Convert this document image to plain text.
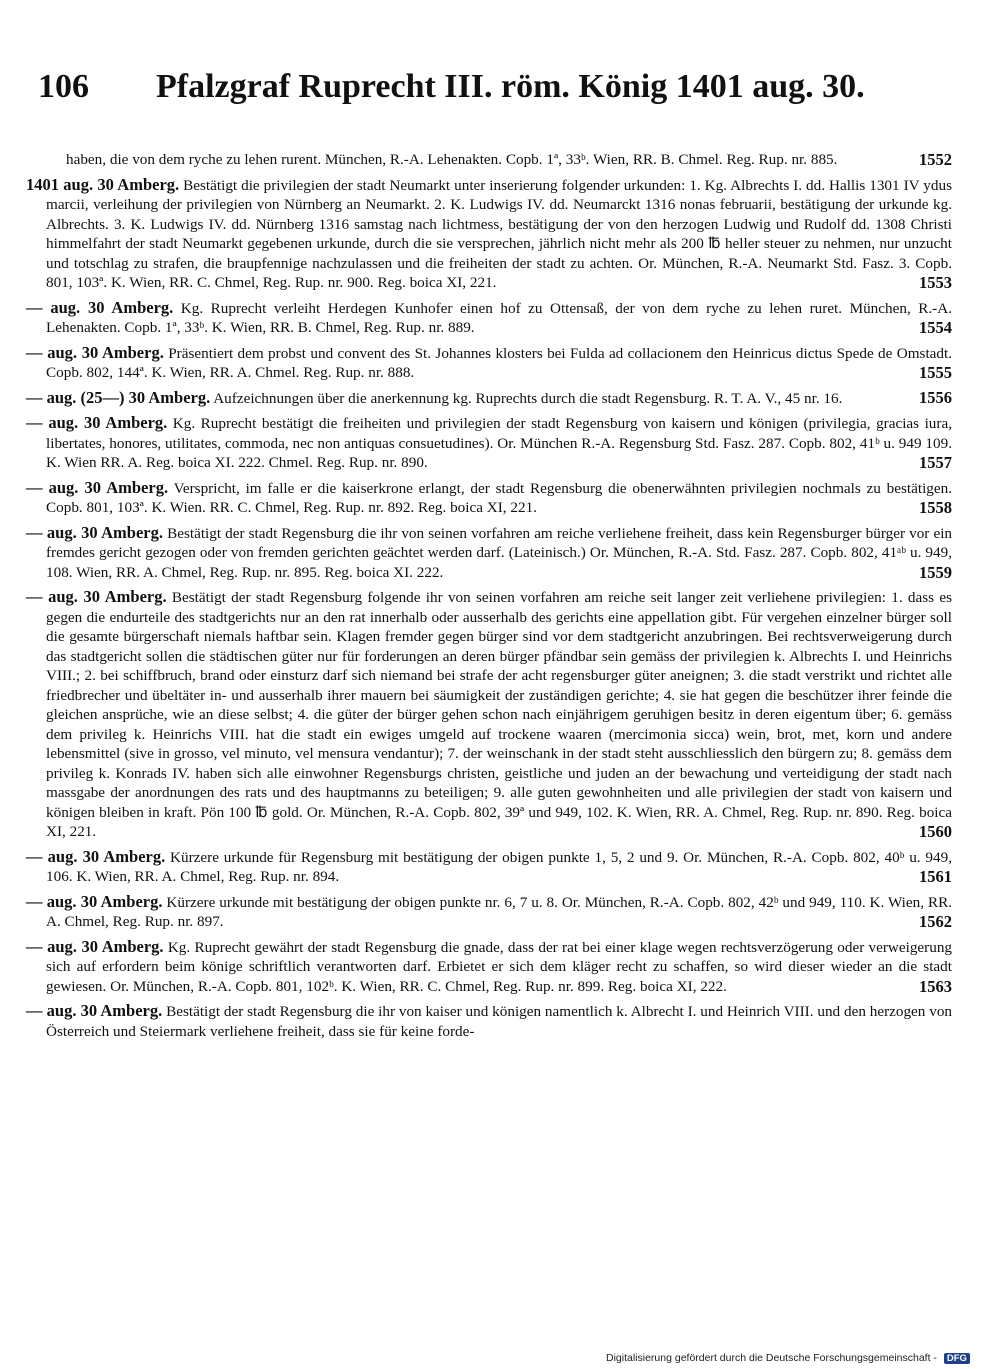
106 Pfalzgraf Ruprecht III. röm. König 1401 aug. 30.
1552
haben, die von dem ryche zu lehen rurent. München, R.-A. Lehenakten. Copb. 1ª, 33ᵇ. Wien, RR. B. Chmel. Reg. Rup. nr. 885.
1401 aug. 30 Amberg. Bestätigt die privilegien der stadt Neumarkt unter inserierung folgender urkunden: 1. Kg. Albrechts I. dd. Hallis 1301 IV ydus marcii, verleihung der privilegien von Nürnberg an Neumarkt. 2. K. Ludwigs IV. dd. Neumarckt 1316 nonas februarii, bestätigung der urkunde kg. Albrechts. 3. K. Ludwigs IV. dd. Nürnberg 1316 samstag nach lichtmess, bestätigung der von den herzogen Ludwig und Rudolf dd. 1308 Christi himmelfahrt der stadt Neumarkt gegebenen urkunde, durch die sie versprechen, jährlich nicht mehr als 200 ℔ heller steuer zu nehmen, nur unzucht und totschlag zu strafen, die braupfennige nachzulassen und die freiheiten der stadt zu achten. Or. München, R.-A. Neumarkt Std. Fasz. 3. Copb. 801, 103ª. K. Wien, RR. C. Chmel, Reg. Rup. nr. 900. Reg. boica XI, 221.	1553
— aug. 30 Amberg. Kg. Ruprecht verleiht Herdegen Kunhofer einen hof zu Ottensaß, der von dem ryche zu lehen ruret. München, R.-A. Lehenakten. Copb. 1ª, 33ᵇ. K. Wien, RR. B. Chmel, Reg. Rup. nr. 889.	1554
— aug. 30 Amberg. Präsentiert dem probst und convent des St. Johannes klosters bei Fulda ad collacionem den Heinricus dictus Spede de Omstadt. Copb. 802, 144ª. K. Wien, RR. A. Chmel. Reg. Rup. nr. 888.	1555
— aug. (25—) 30 Amberg. Aufzeichnungen über die anerkennung kg. Ruprechts durch die stadt Regensburg. R. T. A. V., 45 nr. 16.	1556
— aug. 30 Amberg. Kg. Ruprecht bestätigt die freiheiten und privilegien der stadt Regensburg von kaisern und königen (privilegia, gracias iura, libertates, honores, utilitates, commoda, nec non antiquas consuetudines). Or. München R.-A. Regensburg Std. Fasz. 287. Copb. 802, 41ᵇ u. 949 109. K. Wien RR. A. Reg. boica XI. 222. Chmel. Reg. Rup. nr. 890.	1557
— aug. 30 Amberg. Verspricht, im falle er die kaiserkrone erlangt, der stadt Regensburg die obenerwähnten privilegien nochmals zu bestätigen. Copb. 801, 103ª. K. Wien. RR. C. Chmel, Reg. Rup. nr. 892. Reg. boica XI, 221.	1558
— aug. 30 Amberg. Bestätigt der stadt Regensburg die ihr von seinen vorfahren am reiche verliehene freiheit, dass kein Regensburger bürger vor ein fremdes gericht gezogen oder von fremden gerichten geächtet werden darf. (Lateinisch.) Or. München, R.-A. Std. Fasz. 287. Copb. 802, 41ᵃᵇ u. 949, 108. Wien, RR. A. Chmel, Reg. Rup. nr. 895. Reg. boica XI. 222.	1559
— aug. 30 Amberg. Bestätigt der stadt Regensburg folgende ihr von seinen vorfahren am reiche seit langer zeit verliehene privilegien: 1. dass es gegen die endurteile des stadtgerichts nur an den rat innerhalb oder ausserhalb des gerichts eine appellation gibt. Für vergehen einzelner bürger soll die gesamte bürgerschaft niemals haftbar sein. Klagen fremder gegen bürger sind vor dem stadtgericht anzubringen. Bei rechtsverweigerung durch das stadtgericht sollen die städtischen güter nur für forderungen an deren bürger pfändbar sein gemäss der privilegien k. Albrechts I. und Heinrichs VIII.; 2. bei schiffbruch, brand oder einsturz darf sich niemand bei strafe der acht regensburger güter aneignen; 3. die stadt verstrikt und richtet alle friedbrecher und übeltäter in- und ausserhalb ihrer mauern bei säumigkeit der zuständigen gerichte; 4. sie hat gegen die beschützer ihrer feinde die gleichen ansprüche, wie an diese selbst; 4. die güter der bürger gehen schon nach einjährigem geruhigen besitz in deren eigentum über; 6. gemäss dem privileg k. Heinrichs VIII. hat die stadt ein ewiges umgeld auf trockene waaren (mercimonia sicca) wein, brot, met, korn und andere lebensmittel (sive in grosso, vel minuto, vel mensura vendantur); 7. der weinschank in der stadt steht ausschliesslich den bürgern zu; 8. gemäss dem privileg k. Konrads IV. haben sich alle einwohner Regensburgs christen, geistliche und juden an der bewachung und verteidigung der stadt nach massgabe der anordnungen des rats und des hauptmanns zu beteiligen; 9. alle guten gewohnheiten und alle privilegien der stadt von kaisern und königen bleiben in kraft. Pön 100 ℔ gold. Or. München, R.-A. Copb. 802, 39ª und 949, 102. K. Wien, RR. A. Chmel, Reg. Rup. nr. 890. Reg. boica XI, 221.	1560
— aug. 30 Amberg. Kürzere urkunde für Regensburg mit bestätigung der obigen punkte 1, 5, 2 und 9. Or. München, R.-A. Copb. 802, 40ᵇ u. 949, 106. K. Wien, RR. A. Chmel, Reg. Rup. nr. 894.	1561
— aug. 30 Amberg. Kürzere urkunde mit bestätigung der obigen punkte nr. 6, 7 u. 8. Or. München, R.-A. Copb. 802, 42ᵇ und 949, 110. K. Wien, RR. A. Chmel, Reg. Rup. nr. 897.	1562
— aug. 30 Amberg. Kg. Ruprecht gewährt der stadt Regensburg die gnade, dass der rat bei einer klage wegen rechtsverzögerung oder verweigerung sich auf erfordern beim könige schriftlich verantworten darf. Erbietet er sich dem kläger recht zu schaffen, so wird dieser wieder an die stadt gewiesen. Or. München, R.-A. Copb. 801, 102ᵇ. K. Wien, RR. C. Chmel, Reg. Rup. nr. 899. Reg. boica XI, 222.	1563
— aug. 30 Amberg. Bestätigt der stadt Regensburg die ihr von kaiser und königen namentlich k. Albrecht I. und Heinrich VIII. und den herzogen von Österreich und Steiermark verliehene freiheit, dass sie für keine forde-
Digitalisierung gefördert durch die Deutsche Forschungsgemeinschaft - DFG
